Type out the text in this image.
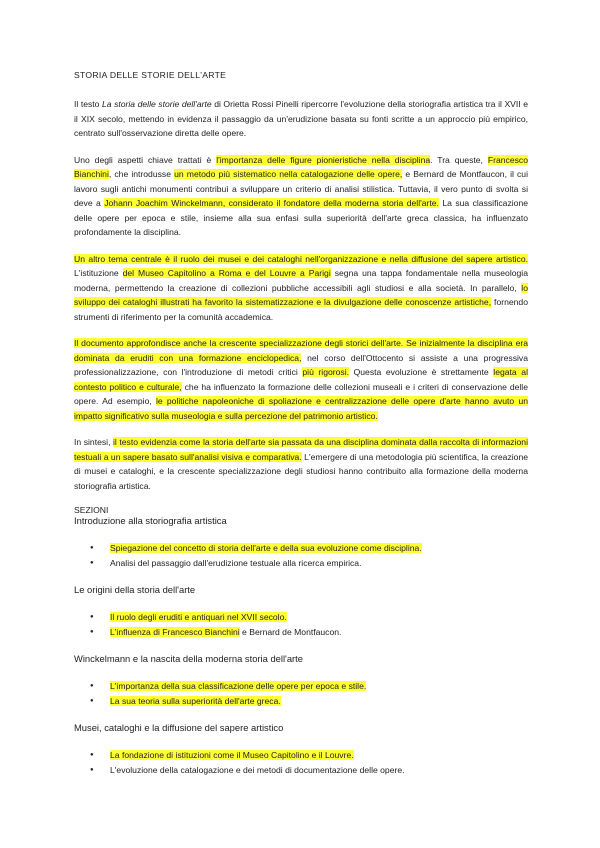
STORIA DELLE STORIE DELL'ARTE

Il testo La storia delle storie dell'arte di Orietta Rossi Pinelli ripercorre l'evoluzione della storiografia artistica tra il XVII e il XIX secolo, mettendo in evidenza il passaggio da un'erudizione basata su fonti scritte a un approccio più empirico, centrato sull'osservazione diretta delle opere.

Uno degli aspetti chiave trattati è l'importanza delle figure pionieristiche nella disciplina. Tra queste, Francesco Bianchini, che introdusse un metodo più sistematico nella catalogazione delle opere, e Bernard de Montfaucon, il cui lavoro sugli antichi monumenti contribuì a sviluppare un criterio di analisi stilistica. Tuttavia, il vero punto di svolta si deve a Johann Joachim Winckelmann, considerato il fondatore della moderna storia dell'arte. La sua classificazione delle opere per epoca e stile, insieme alla sua enfasi sulla superiorità dell'arte greca classica, ha influenzato profondamente la disciplina.

Un altro tema centrale è il ruolo dei musei e dei cataloghi nell'organizzazione e nella diffusione del sapere artistico. L'istituzione del Museo Capitolino a Roma e del Louvre a Parigi segna una tappa fondamentale nella museologia moderna, permettendo la creazione di collezioni pubbliche accessibili agli studiosi e alla società. In parallelo, lo sviluppo dei cataloghi illustrati ha favorito la sistematizzazione e la divulgazione delle conoscenze artistiche, fornendo strumenti di riferimento per la comunità accademica.

Il documento approfondisce anche la crescente specializzazione degli storici dell'arte. Se inizialmente la disciplina era dominata da eruditi con una formazione enciclopedica, nel corso dell'Ottocento si assiste a una progressiva professionalizzazione, con l'introduzione di metodi critici più rigorosi. Questa evoluzione è strettamente legata al contesto politico e culturale, che ha influenzato la formazione delle collezioni museali e i criteri di conservazione delle opere. Ad esempio, le politiche napoleoniche di spoliazione e centralizzazione delle opere d'arte hanno avuto un impatto significativo sulla museologia e sulla percezione del patrimonio artistico.

In sintesi, il testo evidenzia come la storia dell'arte sia passata da una disciplina dominata dalla raccolta di informazioni testuali a un sapere basato sull'analisi visiva e comparativa. L'emergere di una metodologia più scientifica, la creazione di musei e cataloghi, e la crescente specializzazione degli studiosi hanno contribuito alla formazione della moderna storiografia artistica.

SEZIONI
Introduzione alla storiografia artistica
● Spiegazione del concetto di storia dell'arte e della sua evoluzione come disciplina.
● Analisi del passaggio dall'erudizione testuale alla ricerca empirica.
Le origini della storia dell'arte
● Il ruolo degli eruditi e antiquari nel XVII secolo.
● L'influenza di Francesco Bianchini e Bernard de Montfaucon.
Winckelmann e la nascita della moderna storia dell'arte
● L'importanza della sua classificazione delle opere per epoca e stile.
● La sua teoria sulla superiorità dell'arte greca.
Musei, cataloghi e la diffusione del sapere artistico
● La fondazione di istituzioni come il Museo Capitolino e il Louvre.
● L'evoluzione della catalogazione e dei metodi di documentazione delle opere.
